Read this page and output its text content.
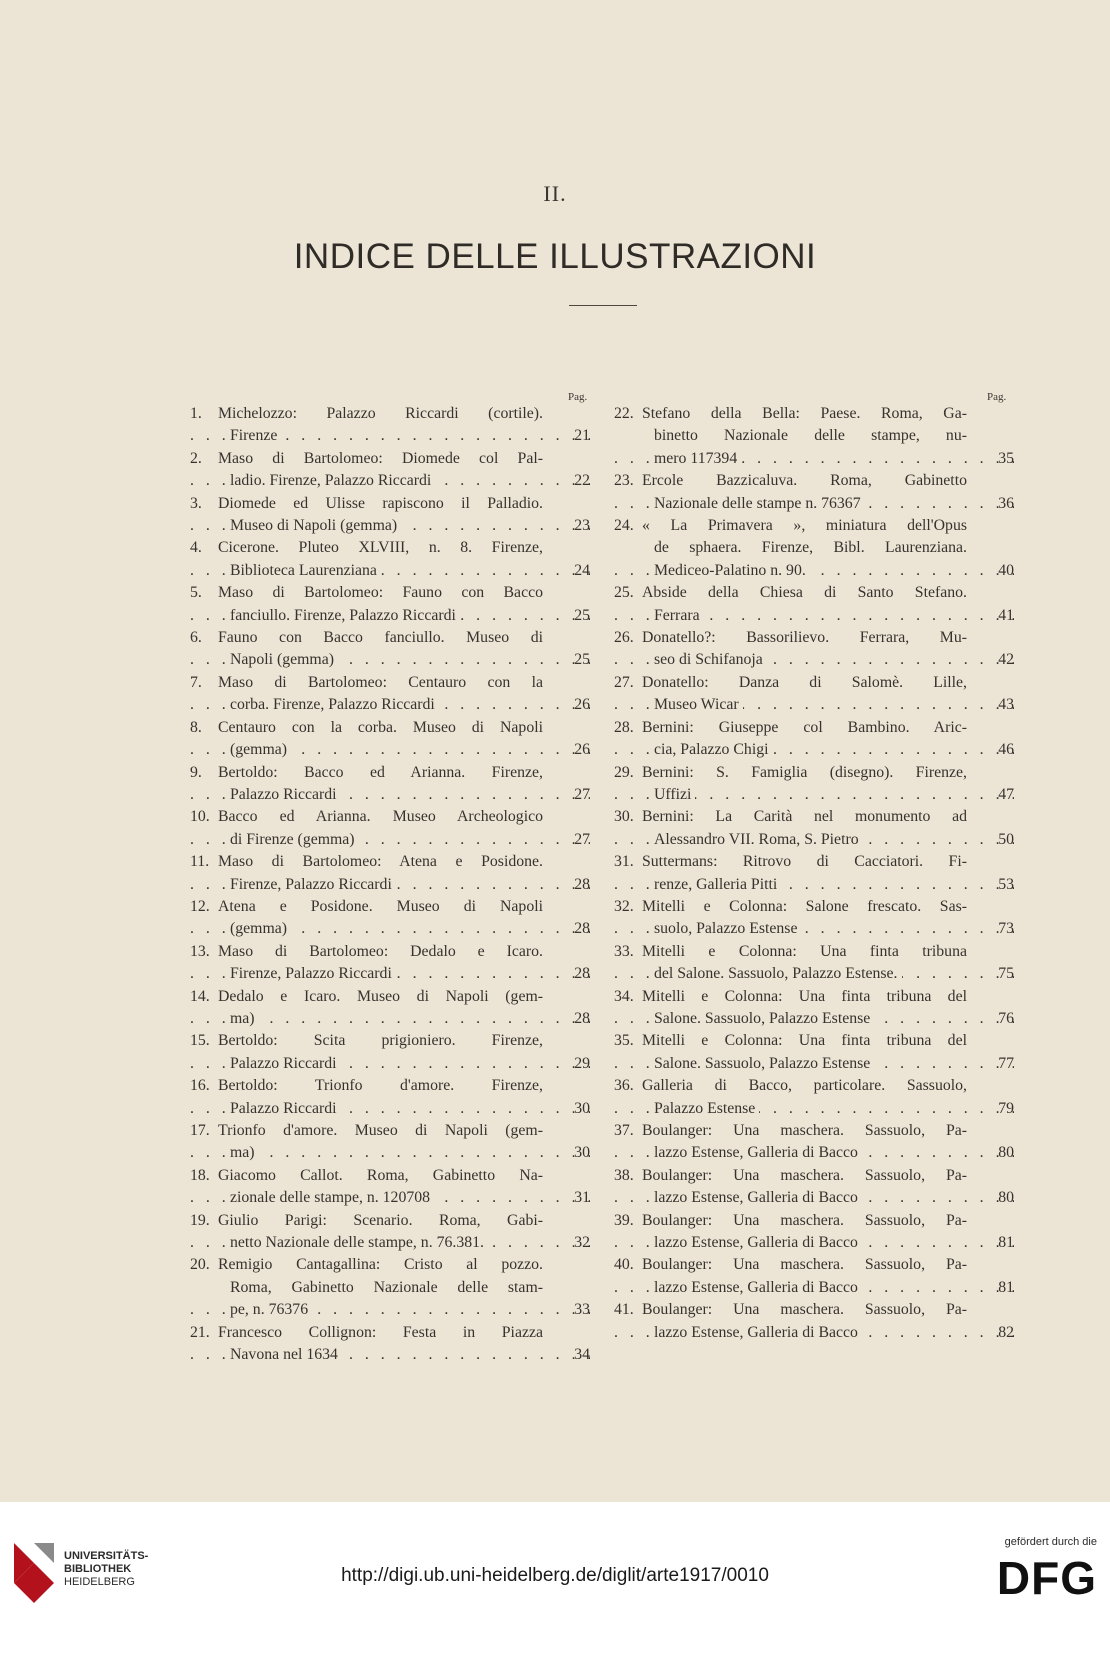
II.
INDICE DELLE ILLUSTRAZIONI
Pag.	Pag.
1.	Michelozzo: Palazzo Riccardi (cortile).
Firenze . . .	21
2.	Maso di Bartolomeo: Diomede col Pal-
ladio. Firenze, Palazzo Riccardi . . .	22
3.	Diomede ed Ulisse rapiscono il Palladio.
Museo di Napoli (gemma) . . .	23
4.	Cicerone. Pluteo XLVIII, n. 8. Firenze,
Biblioteca Laurenziana . . .	24
5.	Maso di Bartolomeo: Fauno con Bacco
fanciullo. Firenze, Palazzo Riccardi . . .	25
6.	Fauno con Bacco fanciullo. Museo di
Napoli (gemma) . . .	25
7.	Maso di Bartolomeo: Centauro con la
corba. Firenze, Palazzo Riccardi . . .	26
8.	Centauro con la corba. Museo di Napoli
(gemma) . . .	26
9.	Bertoldo: Bacco ed Arianna. Firenze,
Palazzo Riccardi . . .	27
10. Bacco ed Arianna. Museo Archeologico
di Firenze (gemma) . . .	27
11. Maso di Bartolomeo: Atena e Posidone.
Firenze, Palazzo Riccardi . . .	28
12. Atena e Posidone. Museo di Napoli
(gemma) . . .	28
13. Maso di Bartolomeo: Dedalo e Icaro.
Firenze, Palazzo Riccardi . . .	28
14. Dedalo e Icaro. Museo di Napoli (gem-
ma) . . .	28
15. Bertoldo: Scita prigioniero. Firenze,
Palazzo Riccardi . . .	29
16. Bertoldo: Trionfo d'amore. Firenze,
Palazzo Riccardi . . .	30
17. Trionfo d'amore. Museo di Napoli (gem-
ma) . . .	30
18. Giacomo Callot. Roma, Gabinetto Na-
zionale delle stampe, n. 120708 . . .	31
19. Giulio Parigi: Scenario. Roma, Gabi-
netto Nazionale delle stampe, n. 76.381. . . .	32
20. Remigio Cantagallina: Cristo al pozzo.
Roma, Gabinetto Nazionale delle stam-
pe, n. 76376 . . .	33
21. Francesco Collignon: Festa in Piazza
Navona nel 1634 . . .	34
22. Stefano della Bella: Paese. Roma, Ga-
binetto Nazionale delle stampe, nu-
mero 117394 . . .	35
23. Ercole Bazzicaluva. Roma, Gabinetto
Nazionale delle stampe n. 76367 . . .	36
24. « La Primavera », miniatura dell'Opus
de sphaera. Firenze, Bibl. Laurenziana.
Mediceo-Palatino n. 90. . . .	40
25. Abside della Chiesa di Santo Stefano.
Ferrara . . .	41
26. Donatello?: Bassorilievo. Ferrara, Mu-
seo di Schifanoja . . .	42
27. Donatello: Danza di Salomè. Lille,
Museo Wicar . . .	43
28. Bernini: Giuseppe col Bambino. Aric-
cia, Palazzo Chigi . . .	46
29. Bernini: S. Famiglia (disegno). Firenze,
Uffizi . . .	47
30. Bernini: La Carità nel monumento ad
Alessandro VII. Roma, S. Pietro . . .	50
31. Suttermans: Ritrovo di Cacciatori. Fi-
renze, Galleria Pitti . . .	53
32. Mitelli e Colonna: Salone frescato. Sas-
suolo, Palazzo Estense . . .	73
33. Mitelli e Colonna: Una finta tribuna
del Salone. Sassuolo, Palazzo Estense. . . .	75
34. Mitelli e Colonna: Una finta tribuna del
Salone. Sassuolo, Palazzo Estense . . .	76
35. Mitelli e Colonna: Una finta tribuna del
Salone. Sassuolo, Palazzo Estense . . .	77
36. Galleria di Bacco, particolare. Sassuolo,
Palazzo Estense . . .	79
37. Boulanger: Una maschera. Sassuolo, Pa-
lazzo Estense, Galleria di Bacco . . .	80
38. Boulanger: Una maschera. Sassuolo, Pa-
lazzo Estense, Galleria di Bacco . . .	80
39. Boulanger: Una maschera. Sassuolo, Pa-
lazzo Estense, Galleria di Bacco . . .	81
40. Boulanger: Una maschera. Sassuolo, Pa-
lazzo Estense, Galleria di Bacco . . .	81
41. Boulanger: Una maschera. Sassuolo, Pa-
lazzo Estense, Galleria di Bacco . . .	82
UNIVERSITÄTS-
BIBLIOTHEK
HEIDELBERG	http://digi.ub.uni-heidelberg.de/diglit/arte1917/0010
gefördert durch die
DFG
